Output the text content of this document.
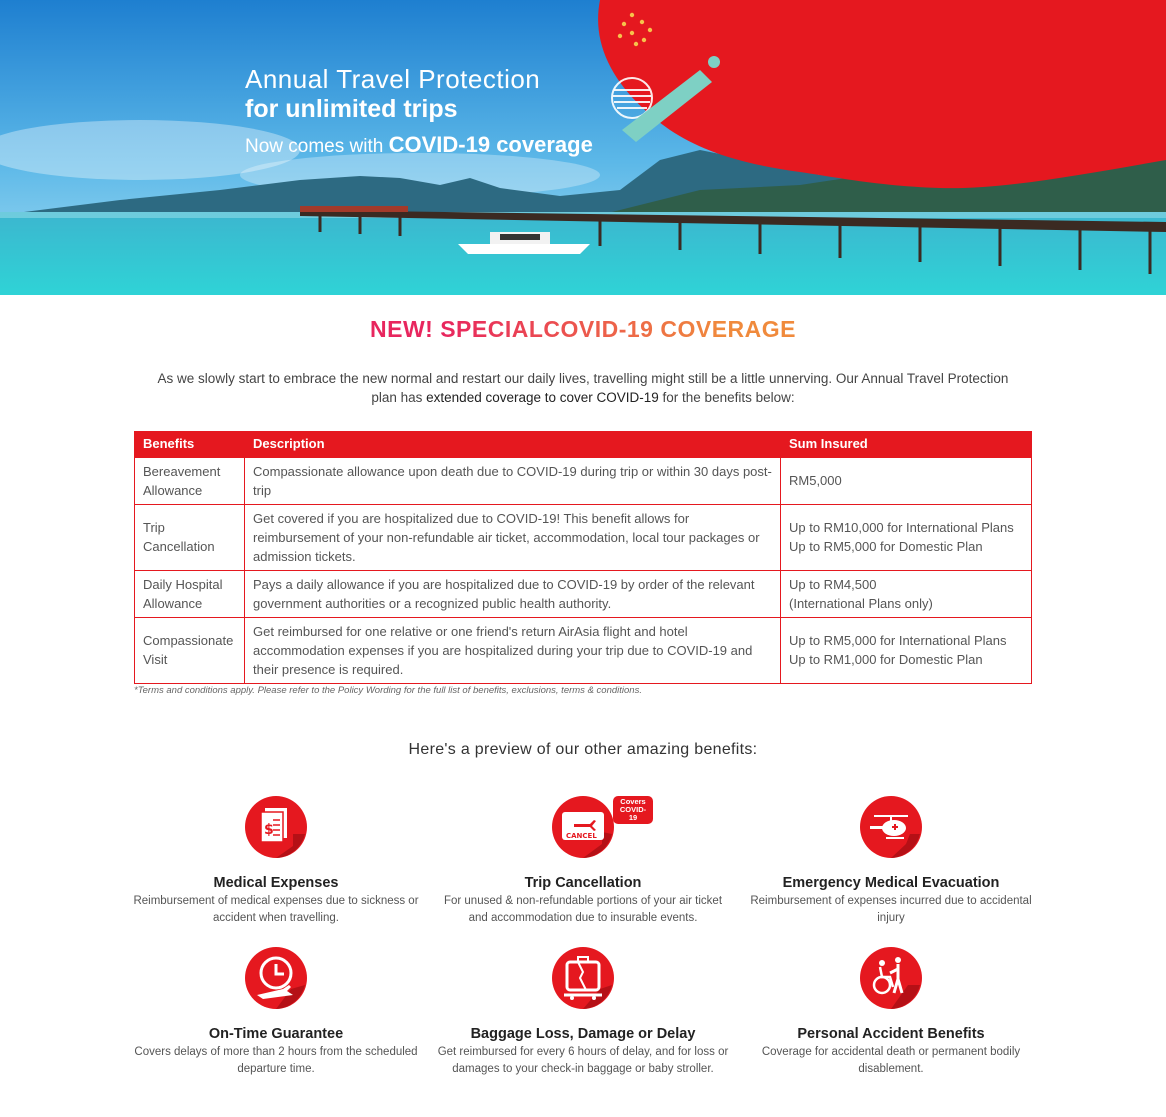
Annual Travel Protection
for unlimited trips
Now comes with COVID-19 coverage
NEW! SPECIALCOVID-19 COVERAGE
As we slowly start to embrace the new normal and restart our daily lives, travelling might still be a little unnerving. Our Annual Travel Protection plan has extended coverage to cover COVID-19 for the benefits below:
Benefits	Description	Sum Insured
Bereavement Allowance	Compassionate allowance upon death due to COVID-19 during trip or within 30 days post-trip	RM5,000

Trip Cancellation	Get covered if you are hospitalized due to COVID-19! This benefit allows for reimbursement of your non-refundable air ticket, accommodation, local tour packages or admission tickets.	Up to RM10,000 for International Plans
Up to RM5,000 for Domestic Plan

Daily Hospital Allowance	Pays a daily allowance if you are hospitalized due to COVID-19 by order of the relevant government authorities or a recognized public health authority.	Up to RM4,500
(International Plans only)

Compassionate Visit	Get reimbursed for one relative or one friend's return AirAsia flight and hotel accommodation expenses if you are hospitalized during your trip due to COVID-19 and their presence is required.	Up to RM5,000 for International Plans
Up to RM1,000 for Domestic Plan
*Terms and conditions apply. Please refer to the Policy Wording for the full list of benefits, exclusions, terms & conditions.
Here's a preview of our other amazing benefits:
$
Medical Expenses
Reimbursement of medical expenses due to sickness or accident when travelling.
CANCEL
Covers COVID-19
Trip Cancellation
For unused & non-refundable portions of your air ticket and accommodation due to insurable events.
Emergency Medical Evacuation
Reimbursement of expenses incurred due to accidental injury
On-Time Guarantee
Covers delays of more than 2 hours from the scheduled departure time.
Baggage Loss, Damage or Delay
Get reimbursed for every 6 hours of delay, and for loss or damages to your check-in baggage or baby stroller.
Personal Accident Benefits
Coverage for accidental death or permanent bodily disablement.
